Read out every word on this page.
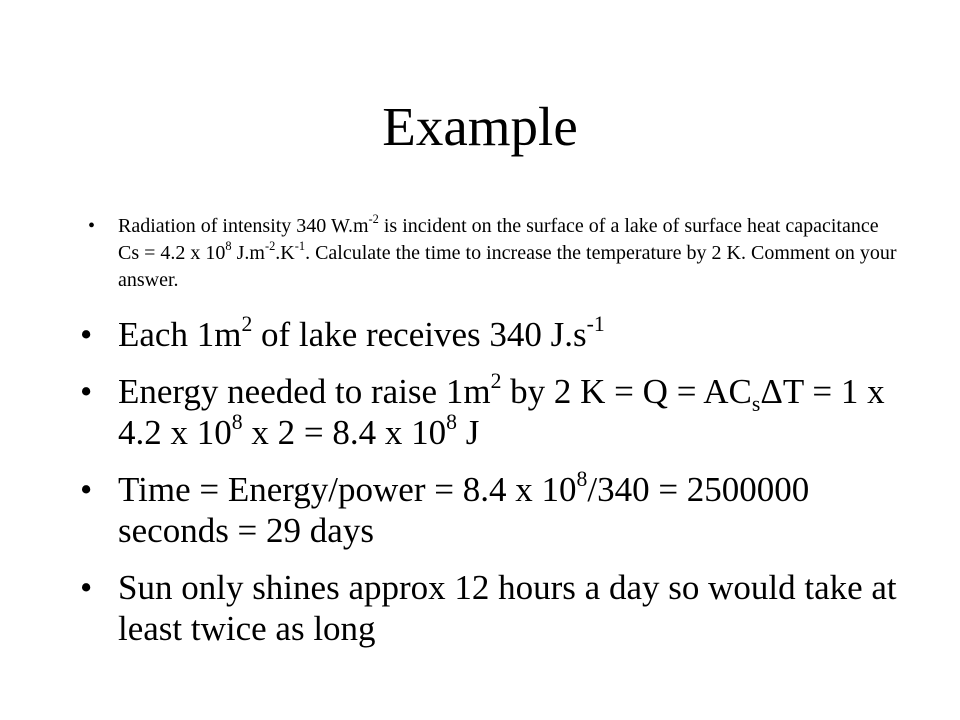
Example
• Radiation of intensity 340 $W.m^{-2}$ is incident on the surface of a lake of surface heat capacitance Cs = 4.2 x $10^8$ $J.m^{-2}.K^{-1}$. Calculate the time to increase the temperature by 2 K. Comment on your answer.
• Each $1m^2$ of lake receives 340 $J.s^{-1}$
• Energy needed to raise $1m^2$ by 2 $K = Q = AC_s\Delta T = 1$ x 4.2 x $10^8$ x 2 = 8.4 x $10^8$ J
• Time = Energy/power = 8.4 x $10^8/340 = 2500000$ seconds = 29 days
• Sun only shines approx 12 hours a day so would take at least twice as long
